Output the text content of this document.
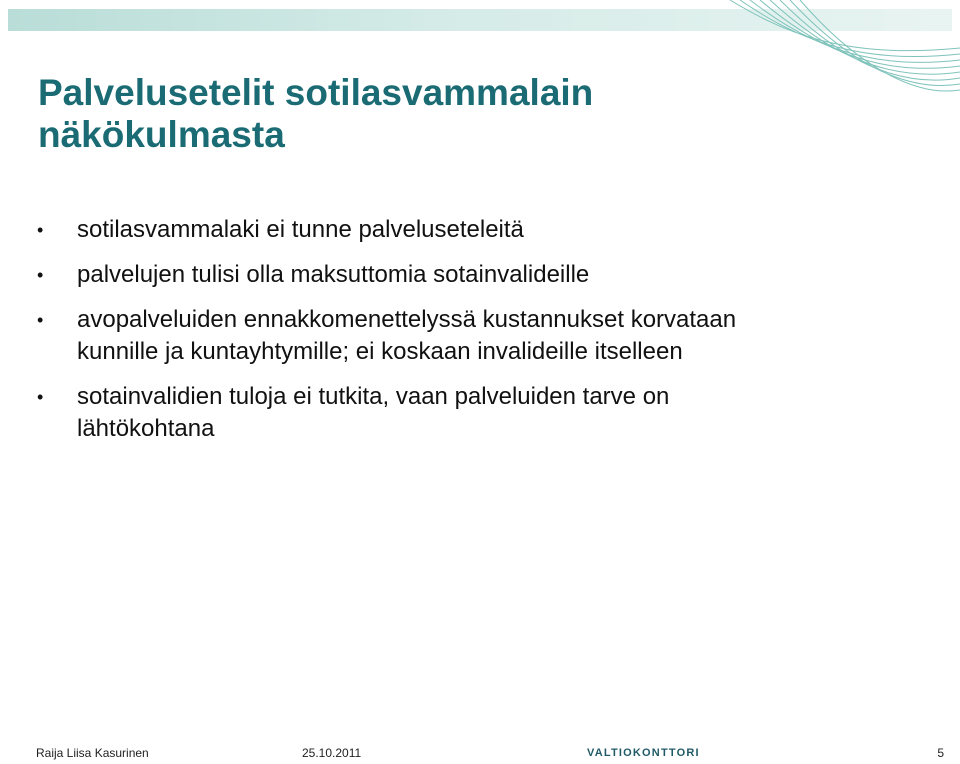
Palvelusetelit sotilasvammalain
näkökulmasta
• sotilasvammalaki ei tunne palveluseteleitä
• palvelujen tulisi olla maksuttomia sotainvalideille
• avopalveluiden ennakkomenettelyssä kustannukset korvataan kunnille ja kuntayhtymille; ei koskaan invalideille itselleen
• sotainvalidien tuloja ei tutkita, vaan palveluiden tarve on lähtökohtana
Raija Liisa Kasurinen	25.10.2011	VALTIOKONTTORI	5
